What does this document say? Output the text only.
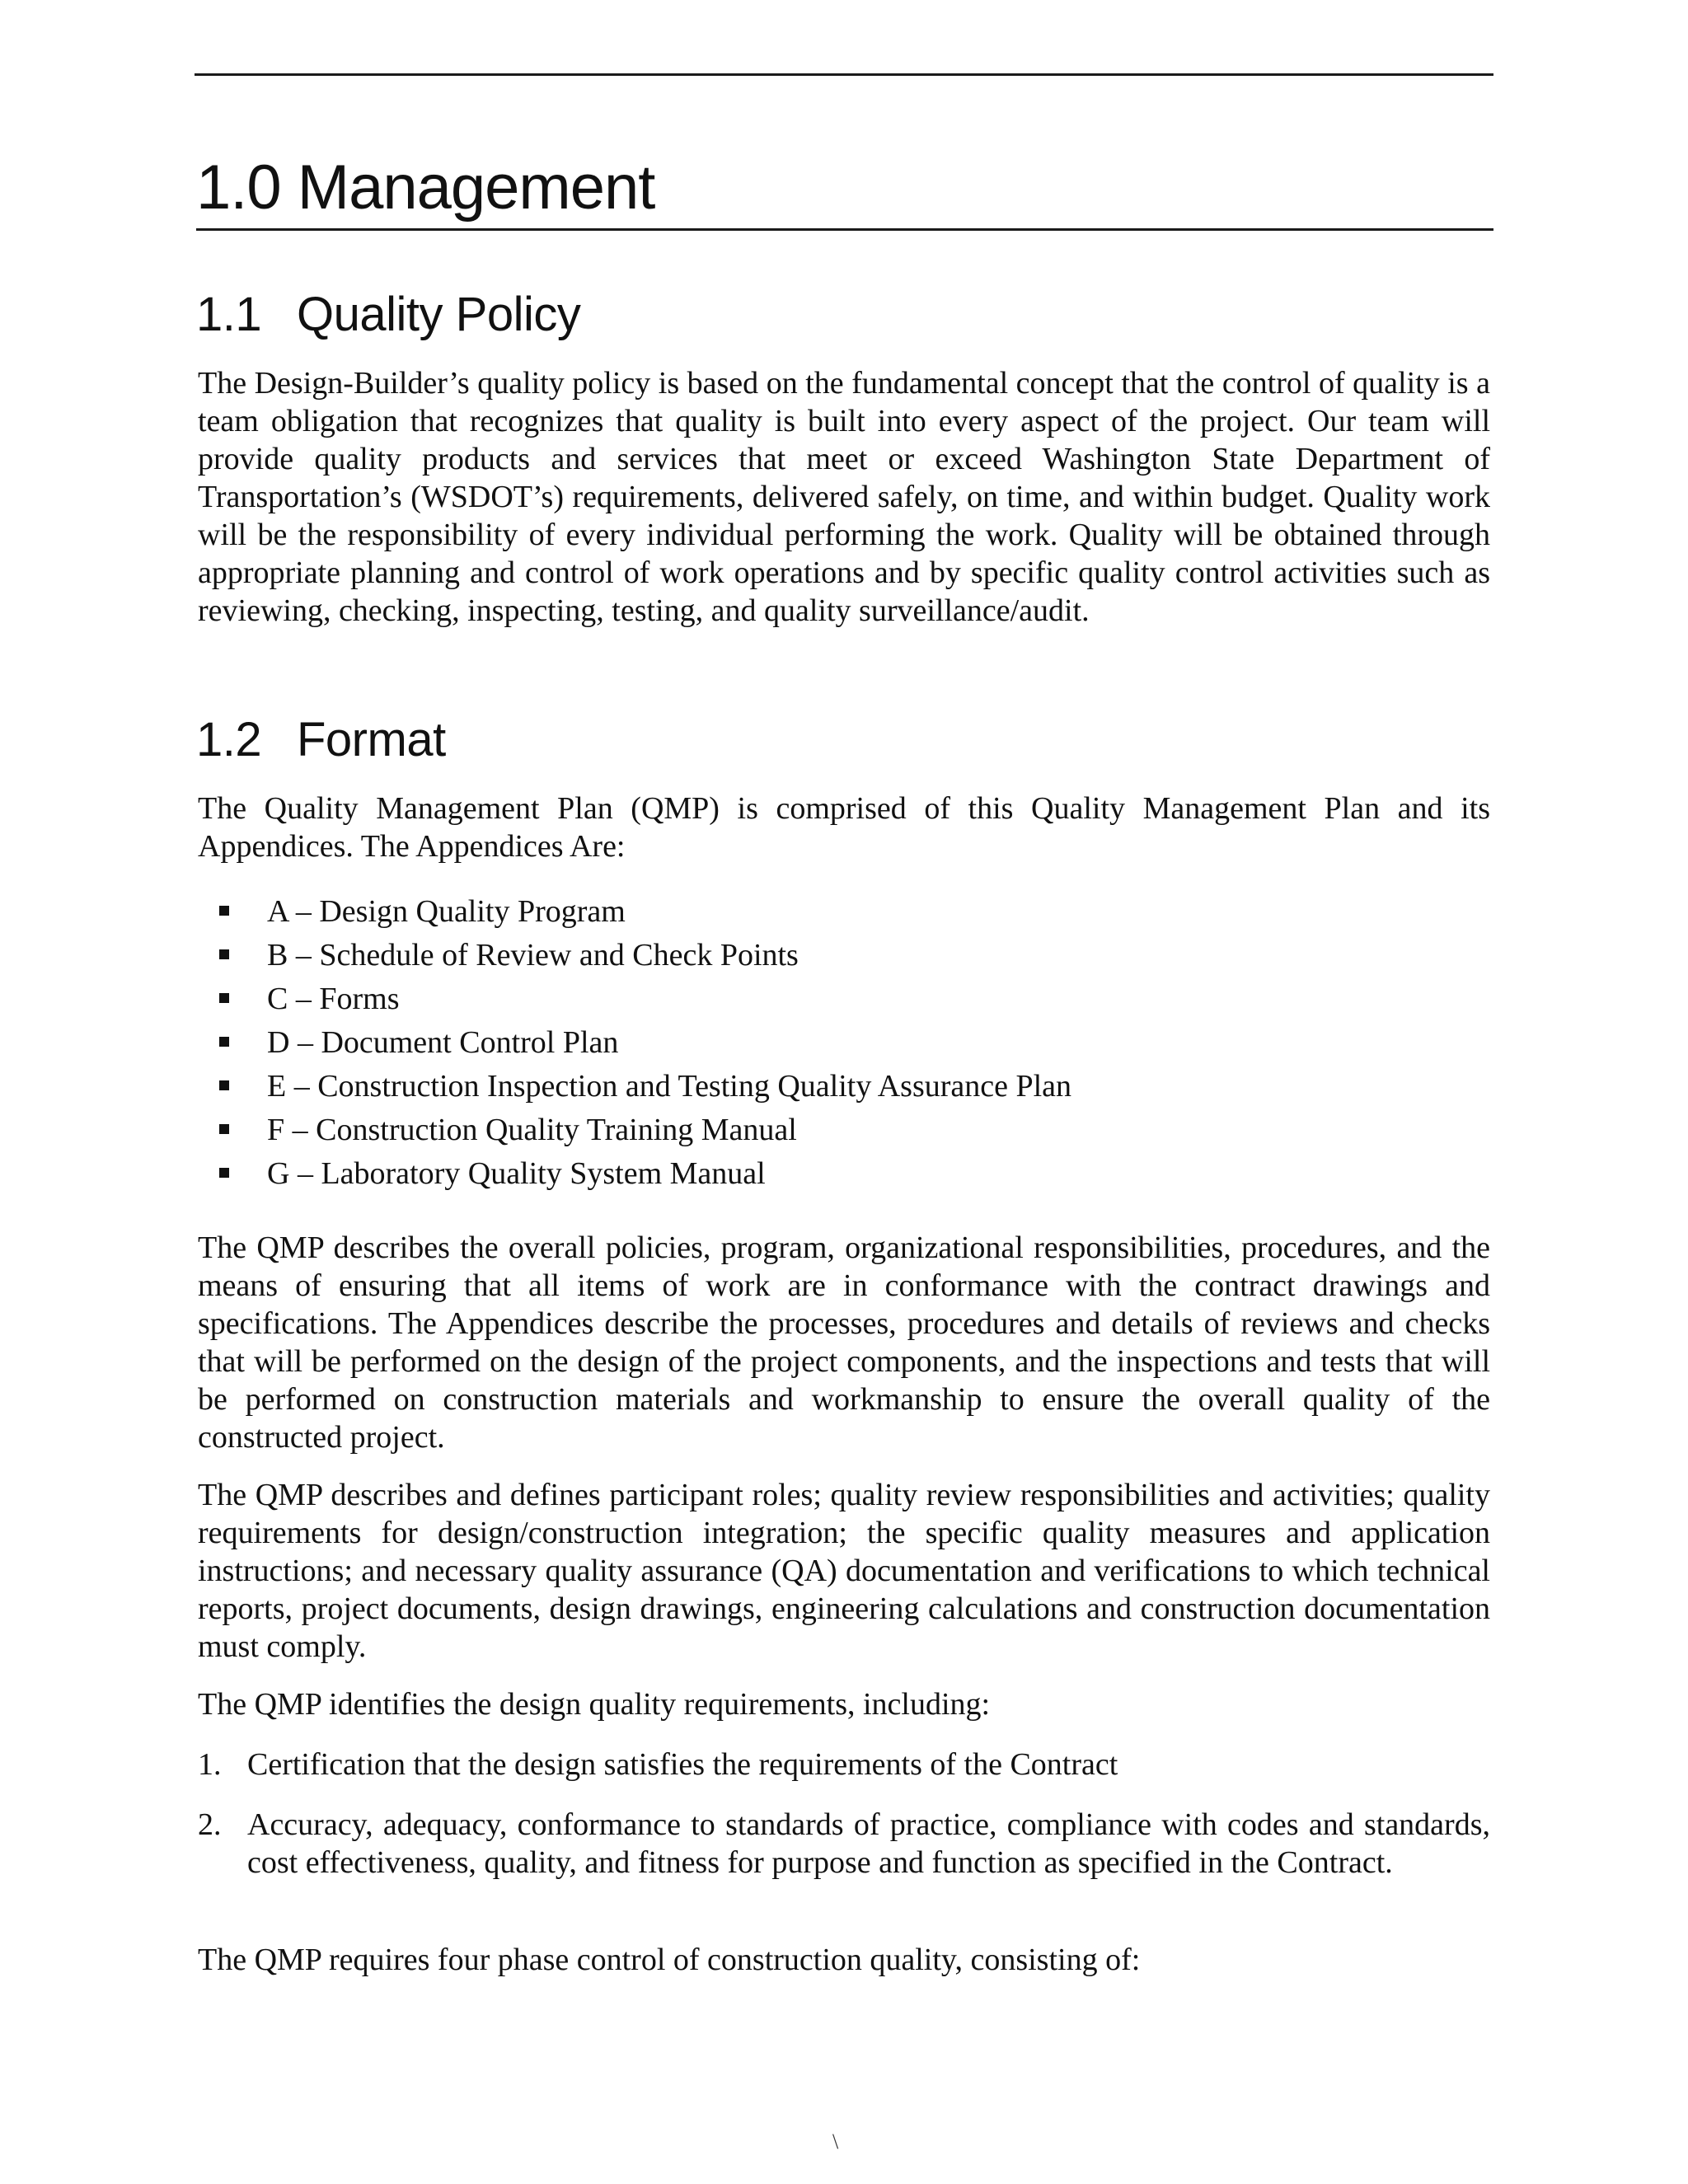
1.0 Management
1.1 Quality Policy

The Design-Builder’s quality policy is based on the fundamental concept that the control of quality is a team obligation that recognizes that quality is built into every aspect of the project. Our team will provide quality products and services that meet or exceed Washington State Department of Transportation’s (WSDOT’s) requirements, delivered safely, on time, and within budget. Quality work will be the responsibility of every individual performing the work. Quality will be obtained through appropriate planning and control of work operations and by specific quality control activities such as reviewing, checking, inspecting, testing, and quality surveillance/audit.

1.2 Format

The Quality Management Plan (QMP) is comprised of this Quality Management Plan and its Appendices. The Appendices Are:

A – Design Quality Program
B – Schedule of Review and Check Points
C – Forms
D – Document Control Plan
E – Construction Inspection and Testing Quality Assurance Plan
F – Construction Quality Training Manual
G – Laboratory Quality System Manual

The QMP describes the overall policies, program, organizational responsibilities, procedures, and the means of ensuring that all items of work are in conformance with the contract drawings and specifications. The Appendices describe the processes, procedures and details of reviews and checks that will be performed on the design of the project components, and the inspections and tests that will be performed on construction materials and workmanship to ensure the overall quality of the constructed project.

The QMP describes and defines participant roles; quality review responsibilities and activities; quality requirements for design/construction integration; the specific quality measures and application instructions; and necessary quality assurance (QA) documentation and verifications to which technical reports, project documents, design drawings, engineering calculations and construction documentation must comply.

The QMP identifies the design quality requirements, including:

1. Certification that the design satisfies the requirements of the Contract
2. Accuracy, adequacy, conformance to standards of practice, compliance with codes and standards, cost effectiveness, quality, and fitness for purpose and function as specified in the Contract.

The QMP requires four phase control of construction quality, consisting of:

\
